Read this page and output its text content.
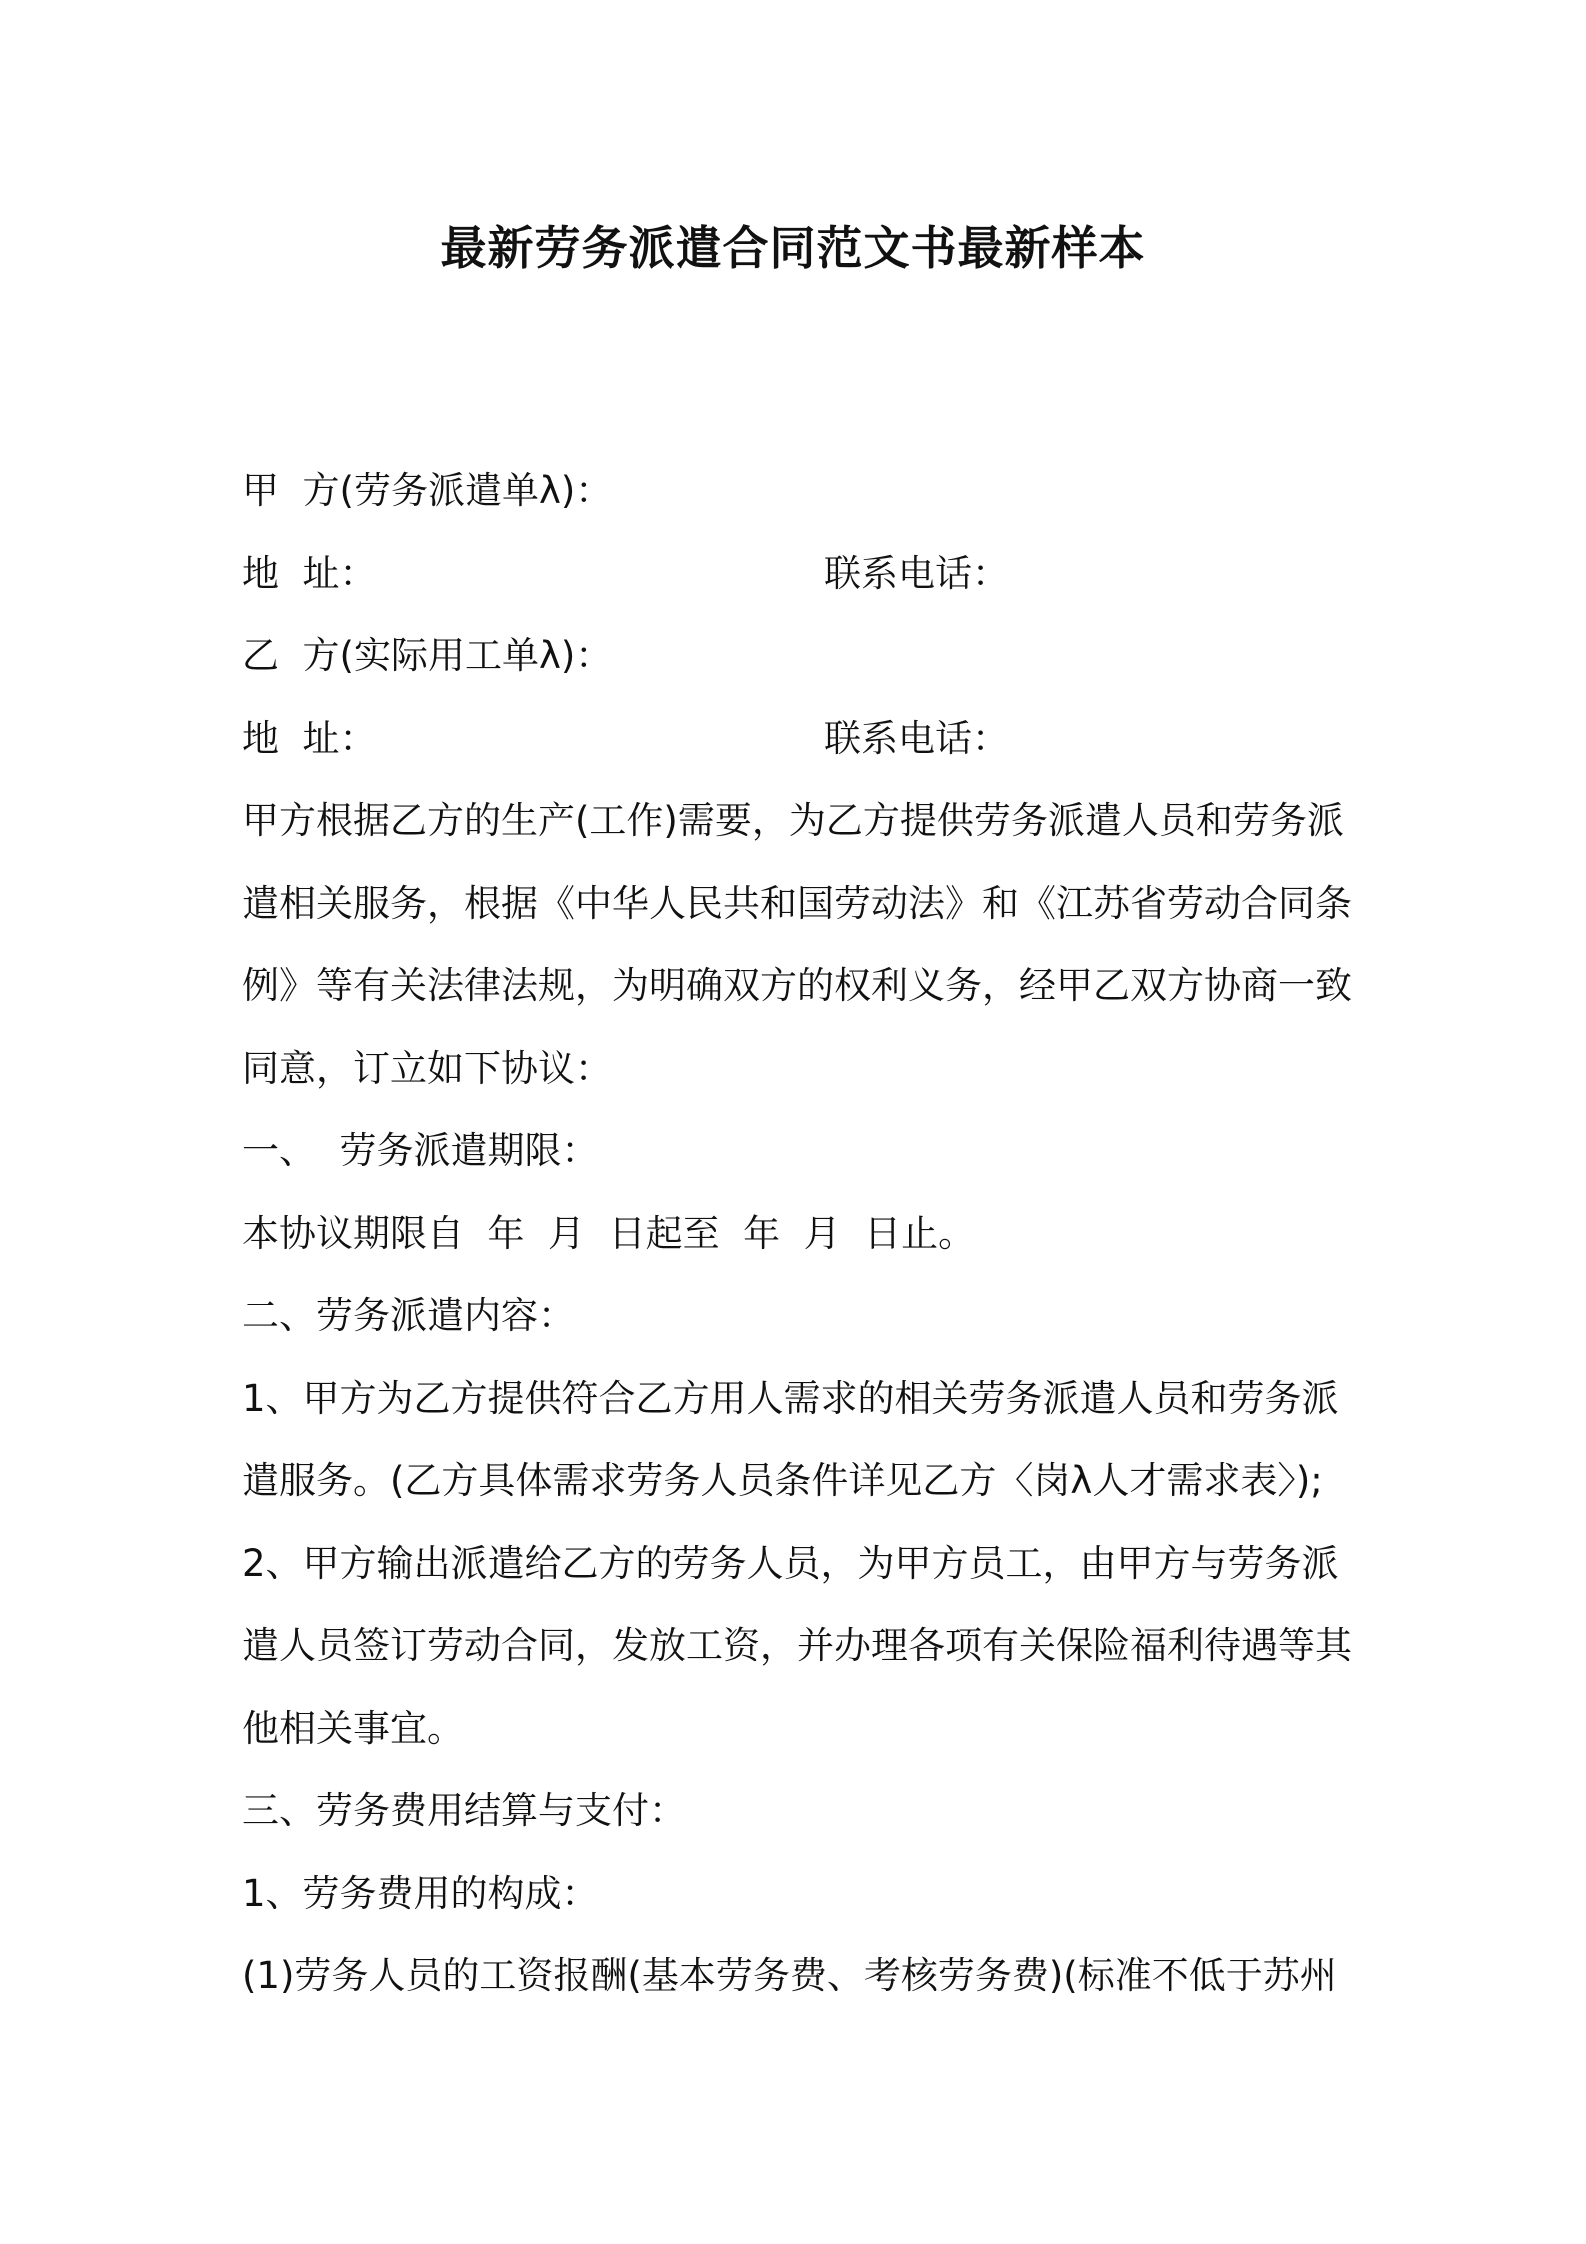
最新劳务派遣合同范文书最新样本
甲  方(劳务派遣单λ)：
地  址：	联系电话：
乙  方(实际用工单λ)：
地  址：	联系电话：
甲方根据乙方的生产(工作)需要，为乙方提供劳务派遣人员和劳务派
遣相关服务，根据《中华人民共和国劳动法》和《江苏省劳动合同条
例》等有关法律法规，为明确双方的权利义务，经甲乙双方协商一致
同意，订立如下协议：
一、  劳务派遣期限：
本协议期限自  年  月  日起至  年  月  日止。
二、劳务派遣内容：
1、甲方为乙方提供符合乙方用人需求的相关劳务派遣人员和劳务派
遣服务。(乙方具体需求劳务人员条件详见乙方〈岗λ人才需求表〉);
2、甲方输出派遣给乙方的劳务人员，为甲方员工，由甲方与劳务派
遣人员签订劳动合同，发放工资，并办理各项有关保险福利待遇等其
他相关事宜。
三、劳务费用结算与支付：
1、劳务费用的构成：
(1)劳务人员的工资报酬(基本劳务费、考核劳务费)(标准不低于苏州
